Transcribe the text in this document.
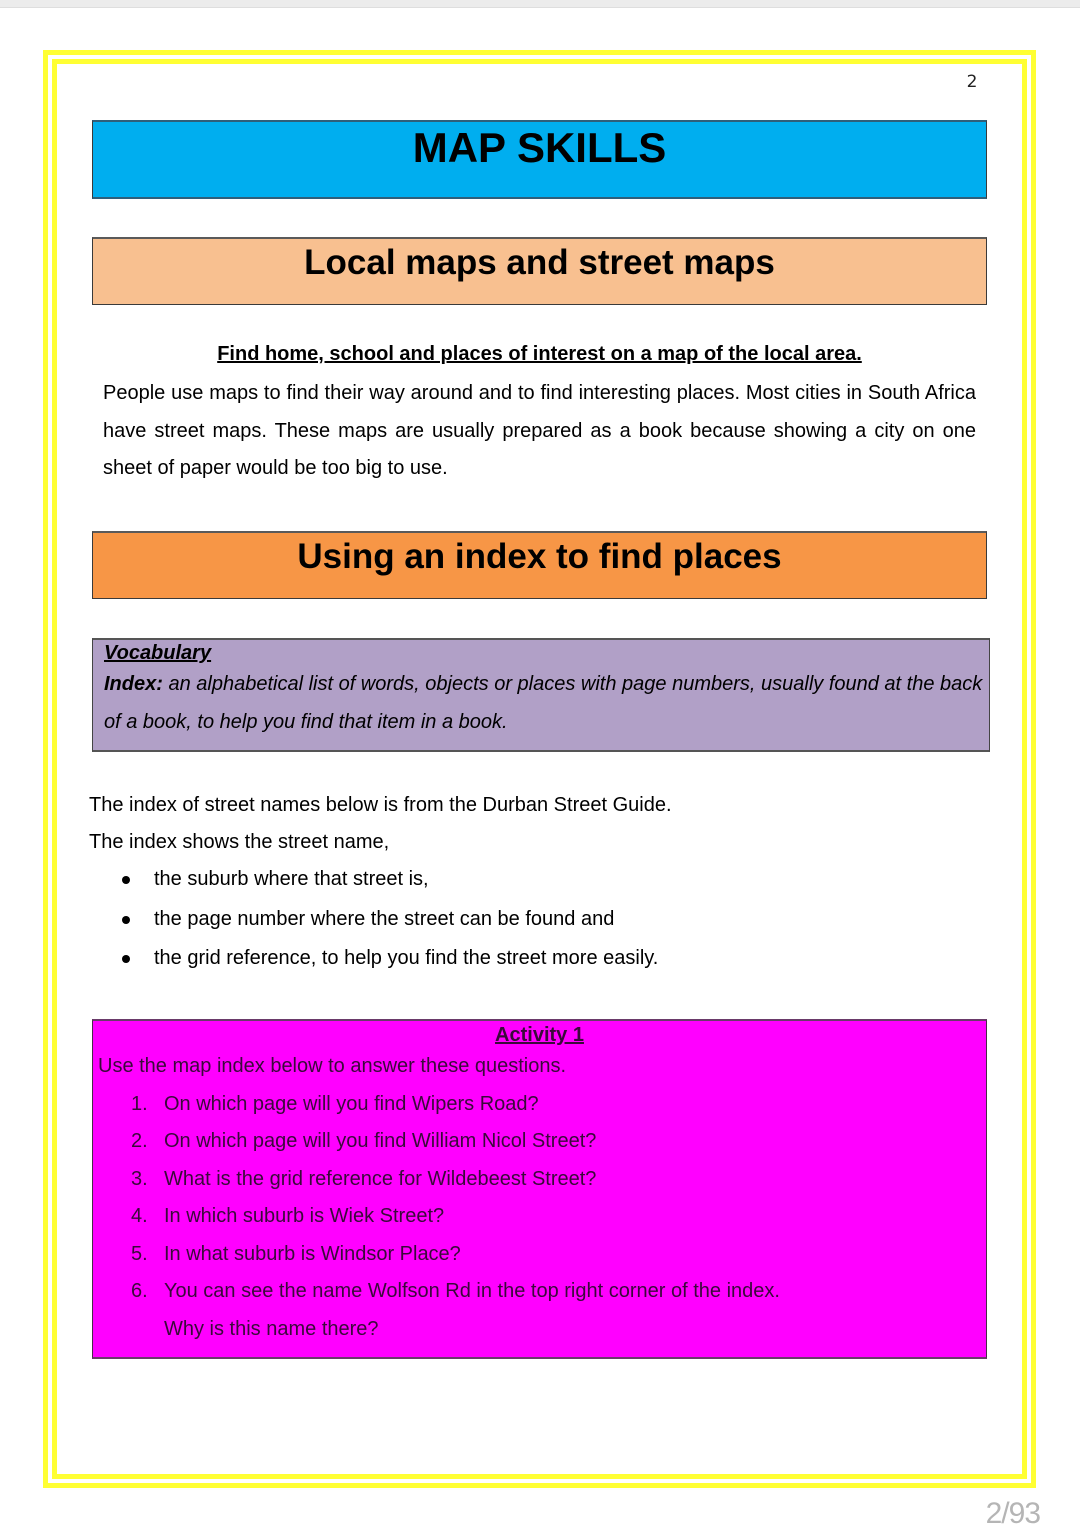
2
MAP SKILLS
Local maps and street maps
Find home, school and places of interest on a map of the local area.
People use maps to find their way around and to find interesting places. Most cities in South Africa have street maps. These maps are usually prepared as a book because showing a city on one sheet of paper would be too big to use.
Using an index to find places
Vocabulary
Index: an alphabetical list of words, objects or places with page numbers, usually found at the back of a book, to help you find that item in a book.
The index of street names below is from the Durban Street Guide.
The index shows the street name,
the suburb where that street is,
the page number where the street can be found and
the grid reference, to help you find the street more easily.
Activity 1
Use the map index below to answer these questions.
1. On which page will you find Wipers Road?
2. On which page will you find William Nicol Street?
3. What is the grid reference for Wildebeest Street?
4. In which suburb is Wiek Street?
5. In what suburb is Windsor Place?
6. You can see the name Wolfson Rd in the top right corner of the index.
Why is this name there?
2/93
